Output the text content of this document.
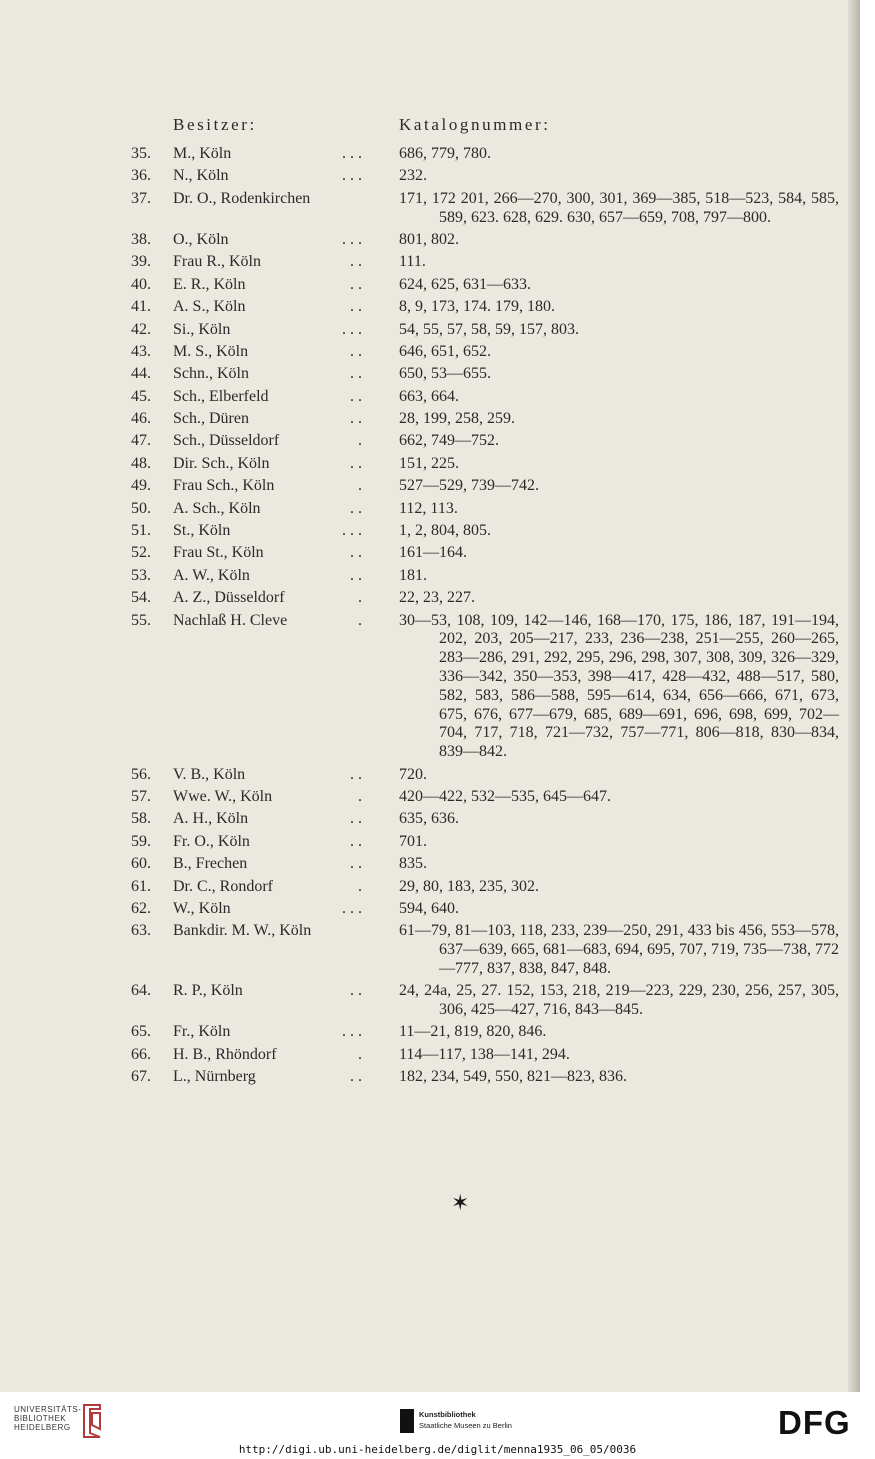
Besitzer:	Katalognummer:
35. M., Köln	. . . 686, 779, 780.
36. N., Köln	. . . 232.
37. Dr. O., Rodenkirchen	171, 172 201, 266—270, 300, 301, 369—385, 518—523, 584, 585, 589, 623. 628, 629. 630, 657—659, 708, 797—800.
38. O., Köln	. . . 801, 802.
39. Frau R., Köln	. . 111.
40. E. R., Köln	. . 624, 625, 631—633.
41. A. S., Köln	. . 8, 9, 173, 174. 179, 180.
42. Si., Köln	. . . 54, 55, 57, 58, 59, 157, 803.
43. M. S., Köln	. . 646, 651, 652.
44. Schn., Köln	. . 650, 53—655.
45. Sch., Elberfeld	. . 663, 664.
46. Sch., Düren	. . 28, 199, 258, 259.
47. Sch., Düsseldorf	. 662, 749—752.
48. Dir. Sch., Köln	. . 151, 225.
49. Frau Sch., Köln	. 527—529, 739—742.
50. A. Sch., Köln	. . 112, 113.
51. St., Köln	. . . 1, 2, 804, 805.
52. Frau St., Köln	. . 161—164.
53. A. W., Köln	. . 181.
54. A. Z., Düsseldorf	. 22, 23, 227.
55. Nachlaß H. Cleve	. 30—53, 108, 109, 142—146, 168—170, 175, 186, 187, 191—194, 202, 203, 205—217, 233, 236—238, 251—255, 260—265, 283—286, 291, 292, 295, 296, 298, 307, 308, 309, 326—329, 336—342, 350—353, 398—417, 428—432, 488—517, 580, 582, 583, 586—588, 595—614, 634, 656—666, 671, 673, 675, 676, 677—679, 685, 689—691, 696, 698, 699, 702—704, 717, 718, 721—732, 757—771, 806—818, 830—834, 839—842.
56. V. B., Köln	. . 720.
57. Wwe. W., Köln	. 420—422, 532—535, 645—647.
58. A. H., Köln	. . 635, 636.
59. Fr. O., Köln	. . 701.
60. B., Frechen	. . 835.
61. Dr. C., Rondorf	. 29, 80, 183, 235, 302.
62. W., Köln	. . . 594, 640.
63. Bankdir. M. W., Köln	61—79, 81—103, 118, 233, 239—250, 291, 433 bis 456, 553—578, 637—639, 665, 681—683, 694, 695, 707, 719, 735—738, 772—777, 837, 838, 847, 848.
64. R. P., Köln	. . 24, 24a, 25, 27. 152, 153, 218, 219—223, 229, 230, 256, 257, 305, 306, 425—427, 716, 843—845.
65. Fr., Köln	. . . 11—21, 819, 820, 846.
66. H. B., Rhöndorf	. 114—117, 138—141, 294.
67. L., Nürnberg	. . 182, 234, 549, 550, 821—823, 836.
✶
UNIVERSITÄTS-
BIBLIOTHEK
HEIDELBERG
Kunstbibliothek
Staatliche Museen zu Berlin	DFG
http://digi.ub.uni-heidelberg.de/diglit/menna1935_06_05/0036
